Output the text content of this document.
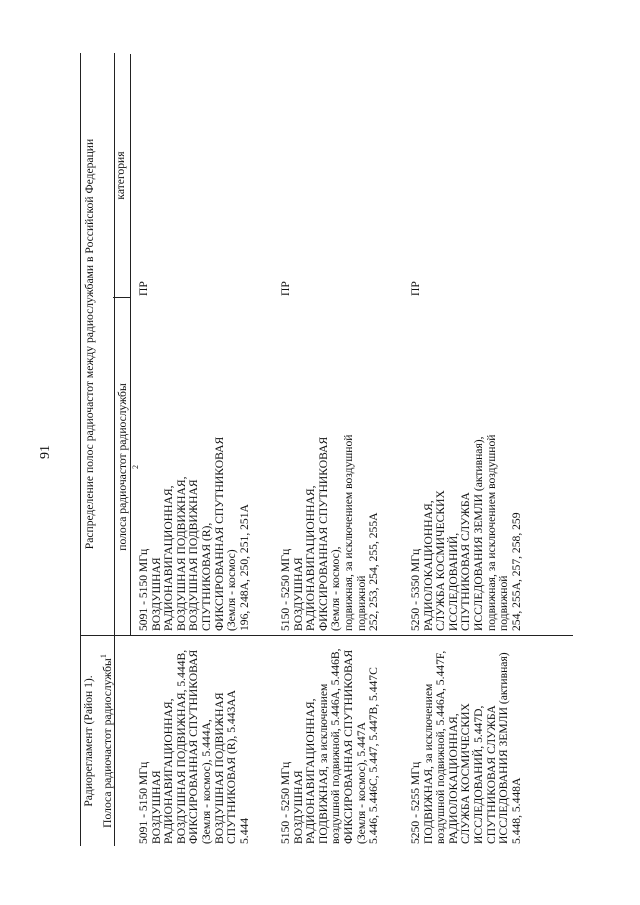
91
Радиорегламент (Район 1). Полоса радиочастот радиослужбы$^1$
Распределение полос радиочастот между радиослужбами в Российской Федерации полоса радиочастот радиослужбы $^2$
категория
5091 - 5150 МГц ВОЗДУШНАЯ РАДИОНАВИГАЦИОННАЯ, ВОЗДУШНАЯ ПОДВИЖНАЯ, 5.444В, ФИКСИРОВАННАЯ СПУТНИКОВАЯ (Земля - космос), 5.444А, ВОЗДУШНАЯ ПОДВИЖНАЯ СПУТНИКОВАЯ (R), 5.443АА 5.444
5091 - 5150 МГц ВОЗДУШНАЯ РАДИОНАВИГАЦИОННАЯ, ВОЗДУШНАЯ ПОДВИЖНАЯ, ВОЗДУШНАЯ ПОДВИЖНАЯ СПУТНИКОВАЯ (R), ФИКСИРОВАННАЯ СПУТНИКОВАЯ (Земля - космос) 196, 248А, 250, 251, 251А
ПР
5150 - 5250 МГц ВОЗДУШНАЯ РАДИОНАВИГАЦИОННАЯ, ПОДВИЖНАЯ, за исключением воздушной подвижной, 5.446А, 5.446В, ФИКСИРОВАННАЯ СПУТНИКОВАЯ (Земля - космос), 5.447А 5.446, 5.446С, 5.447, 5.447В, 5.447С
5150 - 5250 МГц ВОЗДУШНАЯ РАДИОНАВИГАЦИОННАЯ, ФИКСИРОВАННАЯ СПУТНИКОВАЯ (Земля - космос), подвижная, за исключением воздушной подвижной 252, 253, 254, 255, 255А
ПР
5250 - 5255 МГц ПОДВИЖНАЯ, за исключением воздушной подвижной, 5.446А, 5.447F, РАДИОЛОКАЦИОННАЯ, СЛУЖБА КОСМИЧЕСКИХ ИССЛЕДОВАНИЙ, 5.447D, СПУТНИКОВАЯ СЛУЖБА ИССЛЕДОВАНИЯ ЗЕМЛИ (активная) 5.448, 5.448А
5250 - 5350 МГц РАДИОЛОКАЦИОННАЯ, СЛУЖБА КОСМИЧЕСКИХ ИССЛЕДОВАНИЙ, СПУТНИКОВАЯ СЛУЖБА ИССЛЕДОВАНИЯ ЗЕМЛИ (активная), подвижная, за исключением воздушной подвижной 254, 255А, 257, 258, 259
ПР
